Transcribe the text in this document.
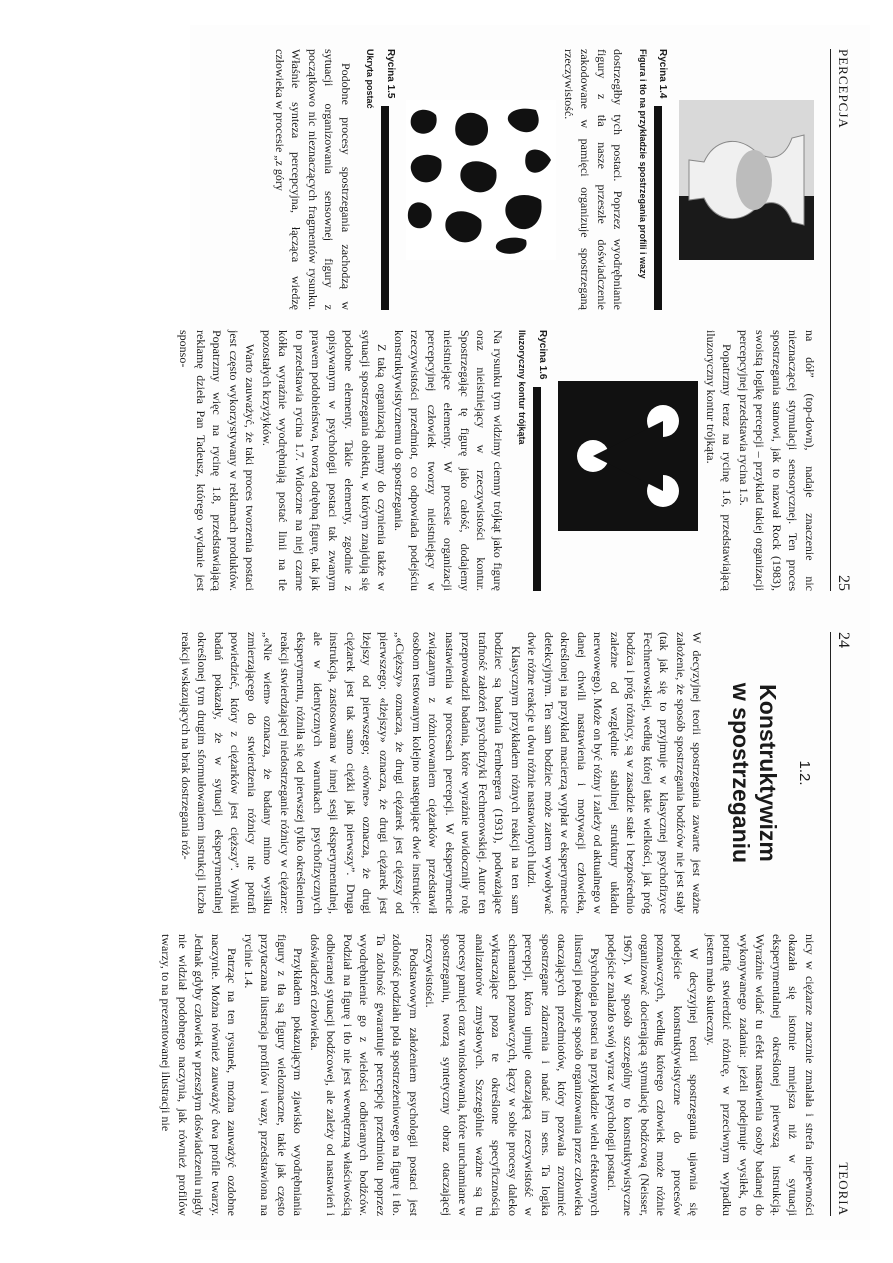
24
TEORIA
1.2.
Konstruktywizm
w spostrzeganiu

W decyzyjnej teorii spostrzegania zawarte jest ważne założenie, że sposób spostrzegania bodźców nie jest stały (tak jak się to przyjmuje w klasycznej psychofizyce Fechnerowskiej, według której takie wielkości, jak próg bodźca i próg różnicy, są w zasadzie stałe i bezpośrednio zależne od względnie stabilnej struktury układu nerwowego). Może on być różny i zależy od aktualnego w danej chwili nastawienia i motywacji człowieka, określonej na przykład macierzą wypłat w eksperymencie detekcyjnym. Ten sam bodziec może zatem wywoływać dwie różne reakcje u dwu różnie nastawionych ludzi.

Klasycznym przykładem różnych reakcji na ten sam bodziec są badania Fernbergera (1931), podważające trafność założeń psychofizyki Fechnerowskiej. Autor ten przeprowadził badania, które wyraźnie uwidoczniły rolę nastawienia w procesach percepcji. W eksperymencie związanym z różnicowaniem ciężarków przedstawił osobom testowanym kolejno następujące dwie instrukcje: „«Cięższy» oznacza, że drugi ciężarek jest cięższy od pierwszego; «lżejszy» oznacza, że drugi ciężarek jest lżejszy od pierwszego; «równe» oznacza, że drugi ciężarek jest tak samo ciężki jak pierwszy”. Druga instrukcja, zastosowana w innej sesji eksperymentalnej, ale w identycznych warunkach psychofizycznych eksperymentu, różniła się od pierwszej tylko określeniem reakcji stwierdzającej niedostrzeganie różnicy w ciężarze: „«Nie wiem» oznacza, że badany mimo wysiłku zmierzającego do stwierdzenia różnicy nie potrafi powiedzieć, który z ciężarków jest cięższy”. Wyniki badań pokazały, że w sytuacji eksperymentalnej określonej tym drugim sformułowaniem instrukcji liczba reakcji wskazujących na brak dostrzegania róż-

nicy w ciężarze znacznie zmalała i strefa niepewności okazała się istotnie mniejsza niż w sytuacji eksperymentalnej określonej pierwszą instrukcją. Wyraźnie widać tu efekt nastawienia osoby badanej do wykonywanego zadania: jeżeli podejmuje wysiłek, to potrafię stwierdzić różnicę, w przeciwnym wypadku jestem mało skuteczny.

W decyzyjnej teorii spostrzegania ujawnia się podejście konstruktywistyczne do procesów poznawczych, według którego człowiek może różnie organizować docierającą stymulację bodźcową (Neisser, 1967). W sposób szczególny to konstruktywistyczne podejście znalazło swój wyraz w psychologii postaci.

Psychologia postaci na przykładzie wielu efektownych ilustracji pokazuje sposób organizowania przez człowieka otaczających przedmiotów, który pozwala zrozumieć spostrzegane zdarzenia i nadać im sens. Ta logika percepcji, która ujmuje otaczającą rzeczywistość w schematach poznawczych, łączy w sobie procesy daleko wykraczające poza te określone specyficznością analizatorów zmysłowych. Szczególnie ważne są tu procesy pamięci oraz wnioskowania, które uruchamiane w spostrzeganiu, tworzą syntetyczny obraz otaczającej rzeczywistości.

Podstawowym założeniem psychologii postaci jest zdolność podziału pola spostrzeżeniowego na figurę i tło. Ta zdolność gwarantuje percepcję przedmiotu poprzez wyodrębnienie go z wielości odbieranych bodźców. Podział na figurę i tło nie jest wewnętrzną właściwością odbieranej sytuacji bodźcowej, ale zależy od nastawień i doświadczeń człowieka.

Przykładem pokazującym zjawisko wyodrębniania figury z tła są figury wieloznaczne, takie jak często przytaczana ilustracja profilów i wazy, przedstawiona na rycinie 1.4.

Patrząc na ten rysunek, można zauważyć ozdobne naczynie. Można również zauważyć dwa profile twarzy. Jednak gdyby człowiek w przeszłym doświadczeniu nigdy nie widział podobnego naczynia, jak również profilów twarzy, to na prezentowanej ilustracji nie

PERCEPCJA
25
Rycina 1.4
Figura i tło na przykładzie spostrzegania profili i wazy

dostrzegłby tych postaci. Poprzez wyodrębnianie figury z tła nasze przeszłe doświadczenie zakodowane w pamięci organizuje spostrzeganą rzeczywistość.

Rycina 1.5
Ukryta postać

Podobne procesy spostrzegania zachodzą w sytuacji organizowania sensownej figury z początkowo nic nieznaczących fragmentów rysunku. Właśnie synteza percepcyjna, łącząca wiedzę człowieka w procesie „z góry

na dół” (top-down), nadaje znaczenie nic nieznaczącej stymulacji sensorycznej. Ten proces spostrzegania stanowi, jak to nazwał Rock (1983), swoistą logikę percepcji – przykład takiej organizacji percepcyjnej przedstawia rycina 1.5.

Popatrzmy teraz na rycinę 1.6, przedstawiającą iluzoryczny kontur trójkąta.

Rycina 1.6
Iluzoryczny kontur trójkąta

Na rysunku tym widzimy ciemny trójkąt jako figurę oraz nieistniejący w rzeczywistości kontur. Spostrzegając tę figurę jako całość, dodajemy nieistniejące elementy. W procesie organizacji percepcyjnej człowiek tworzy nieistniejący w rzeczywistości przedmiot, co odpowiada podejściu konstruktywistycznemu do spostrzegania.

Z taką organizacją mamy do czynienia także w sytuacji spostrzegania obiektu, w którym znajdują się podobne elementy. Takie elementy, zgodnie z opisywanym w psychologii postaci tak zwanym prawem podobieństwa, tworzą odrębną figurę, tak jak to przedstawia rycina 1.7. Widoczne na niej czarne kółka wyraźnie wyodrębniają postać linii na tle pozostałych krzyżyków.

Warto zauważyć, że taki proces tworzenia postaci jest często wykorzystywany w reklamach produktów. Popatrzmy więc na rycinę 1.8, przedstawiającą reklamę dzieła Pan Tadeusz, którego wydanie jest sponso-
